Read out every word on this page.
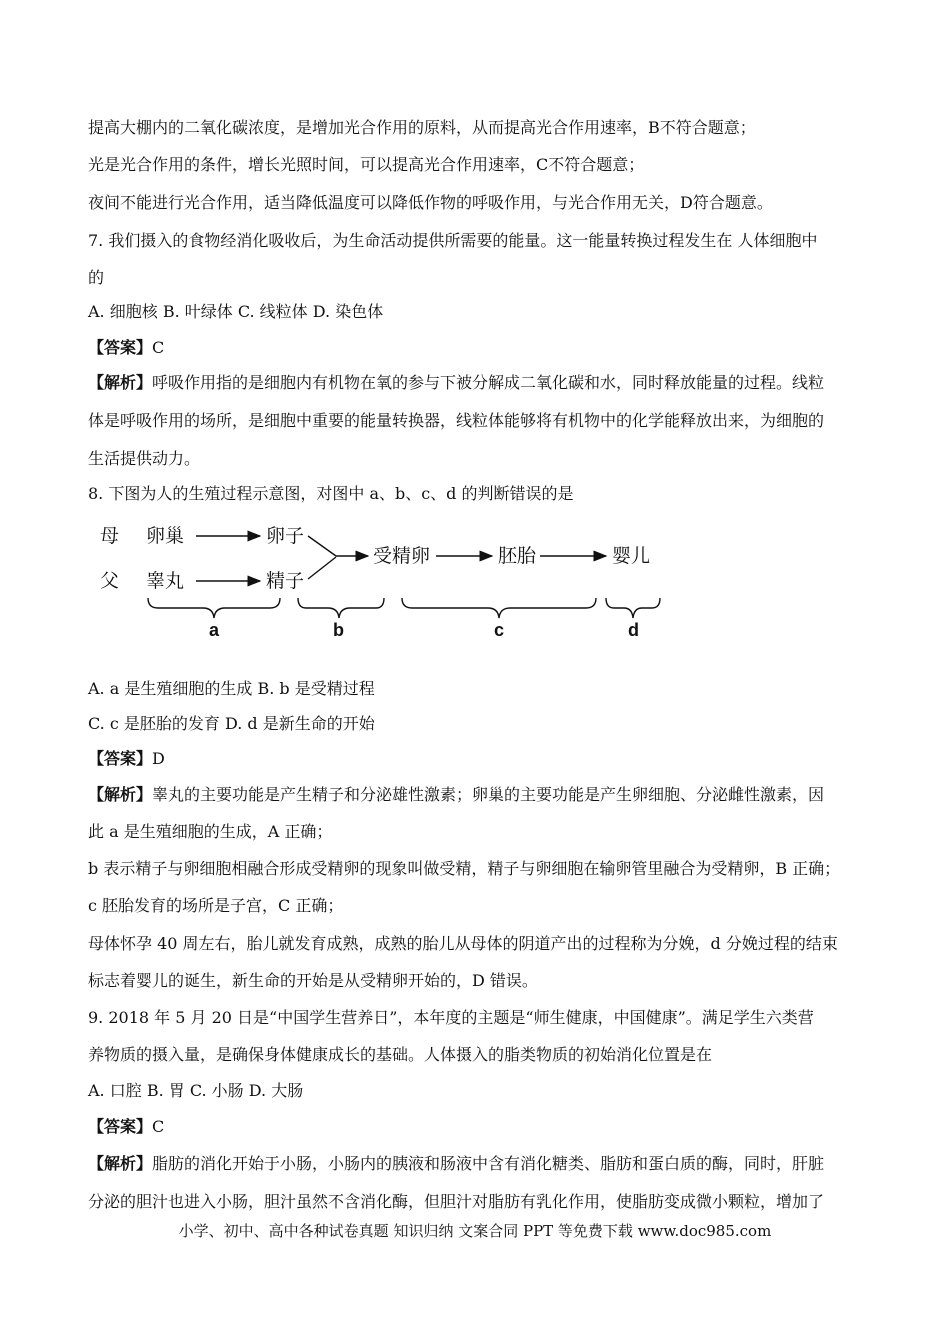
提高大棚内的二氧化碳浓度，是增加光合作用的原料，从而提高光合作用速率，B不符合题意；
光是光合作用的条件，增长光照时间，可以提高光合作用速率，C不符合题意；
夜间不能进行光合作用，适当降低温度可以降低作物的呼吸作用，与光合作用无关，D符合题意。
7. 我们摄入的食物经消化吸收后，为生命活动提供所需要的能量。这一能量转换过程发生在 人体细胞中
的
A. 细胞核 B. 叶绿体 C. 线粒体 D. 染色体
【答案】C
【解析】呼吸作用指的是细胞内有机物在氧的参与下被分解成二氧化碳和水，同时释放能量的过程。线粒
体是呼吸作用的场所，是细胞中重要的能量转换器，线粒体能够将有机物中的化学能释放出来，为细胞的
生活提供动力。
8. 下图为人的生殖过程示意图，对图中 a、b、c、d 的判断错误的是
母
父
卵巢
睾丸
卵子
精子
受精卵	胚胎	婴儿
a	b	c	d
A. a 是生殖细胞的生成 B. b 是受精过程
C. c 是胚胎的发育 D. d 是新生命的开始
【答案】D
【解析】睾丸的主要功能是产生精子和分泌雄性激素；卵巢的主要功能是产生卵细胞、分泌雌性激素，因
此 a 是生殖细胞的生成，A 正确；
b 表示精子与卵细胞相融合形成受精卵的现象叫做受精，精子与卵细胞在输卵管里融合为受精卵，B 正确；
c 胚胎发育的场所是子宫，C 正确；
母体怀孕 40 周左右，胎儿就发育成熟，成熟的胎儿从母体的阴道产出的过程称为分娩，d 分娩过程的结束
标志着婴儿的诞生，新生命的开始是从受精卵开始的，D 错误。
9. 2018 年 5 月 20 日是“中国学生营养日”，本年度的主题是“师生健康，中国健康”。满足学生六类营
养物质的摄入量，是确保身体健康成长的基础。人体摄入的脂类物质的初始消化位置是在
A. 口腔 B. 胃 C. 小肠 D. 大肠
【答案】C
【解析】脂肪的消化开始于小肠，小肠内的胰液和肠液中含有消化糖类、脂肪和蛋白质的酶，同时，肝脏
分泌的胆汁也进入小肠，胆汁虽然不含消化酶，但胆汁对脂肪有乳化作用，使脂肪变成微小颗粒，增加了
小学、初中、高中各种试卷真题 知识归纳 文案合同 PPT 等免费下载 www.doc985.com
